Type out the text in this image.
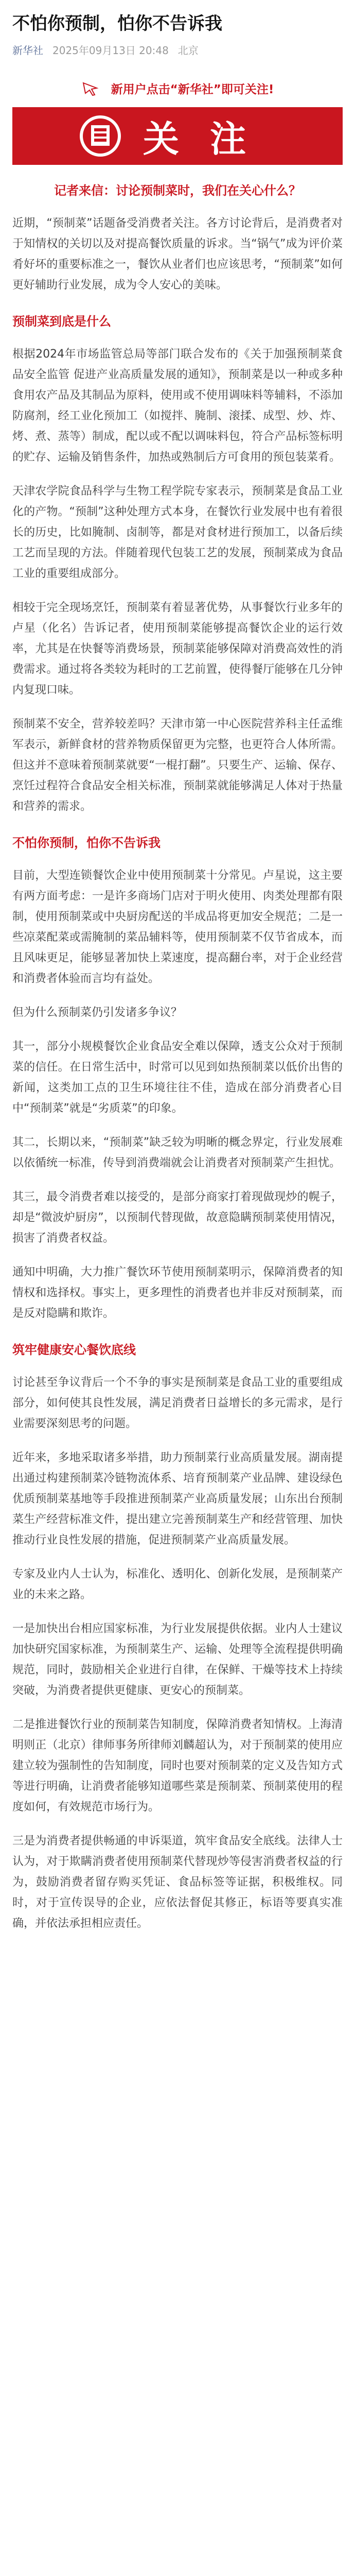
不怕你预制，怕你不告诉我
新华社 2025年09月13日 20:48 北京
新用户点击“新华社”即可关注!
关注
记者来信：讨论预制菜时，我们在关心什么？

近期，“预制菜”话题备受消费者关注。各方讨论背后，是消费者对于知情权的关切以及对提高餐饮质量的诉求。当“锅气”成为评价菜肴好坏的重要标准之一，餐饮从业者们也应该思考，“预制菜”如何更好辅助行业发展，成为令人安心的美味。

预制菜到底是什么

根据2024年市场监管总局等部门联合发布的《关于加强预制菜食品安全监管 促进产业高质量发展的通知》，预制菜是以一种或多种食用农产品及其制品为原料，使用或不使用调味料等辅料，不添加防腐剂，经工业化预加工（如搅拌、腌制、滚揉、成型、炒、炸、烤、煮、蒸等）制成，配以或不配以调味料包，符合产品标签标明的贮存、运输及销售条件，加热或熟制后方可食用的预包装菜肴。

天津农学院食品科学与生物工程学院专家表示，预制菜是食品工业化的产物。“预制”这种处理方式本身，在餐饮行业发展中也有着很长的历史，比如腌制、卤制等，都是对食材进行预加工，以备后续工艺而呈现的方法。伴随着现代包装工艺的发展，预制菜成为食品工业的重要组成部分。

相较于完全现场烹饪，预制菜有着显著优势，从事餐饮行业多年的卢星（化名）告诉记者，使用预制菜能够提高餐饮企业的运行效率，尤其是在快餐等消费场景，预制菜能够保障对消费高效性的消费需求。通过将各类较为耗时的工艺前置，使得餐厅能够在几分钟内复现口味。

预制菜不安全，营养较差吗？天津市第一中心医院营养科主任孟维军表示，新鲜食材的营养物质保留更为完整，也更符合人体所需。但这并不意味着预制菜就要“一棍打翻”。只要生产、运输、保存、烹饪过程符合食品安全相关标准，预制菜就能够满足人体对于热量和营养的需求。

不怕你预制，怕你不告诉我

目前，大型连锁餐饮企业中使用预制菜十分常见。卢星说，这主要有两方面考虑：一是许多商场门店对于明火使用、肉类处理都有限制，使用预制菜或中央厨房配送的半成品将更加安全规范；二是一些凉菜配菜或需腌制的菜品辅料等，使用预制菜不仅节省成本，而且风味更足，能够显著加快上菜速度，提高翻台率，对于企业经营和消费者体验而言均有益处。

但为什么预制菜仍引发诸多争议？

其一，部分小规模餐饮企业食品安全难以保障，透支公众对于预制菜的信任。在日常生活中，时常可以见到如热预制菜以低价出售的新闻，这类加工点的卫生环境往往不佳，造成在部分消费者心目中“预制菜”就是“劣质菜”的印象。

其二，长期以来，“预制菜”缺乏较为明晰的概念界定，行业发展难以依循统一标准，传导到消费端就会让消费者对预制菜产生担忧。

其三，最令消费者难以接受的，是部分商家打着现做现炒的幌子，却是“微波炉厨房”，以预制代替现做，故意隐瞒预制菜使用情况，损害了消费者权益。

通知中明确，大力推广餐饮环节使用预制菜明示，保障消费者的知情权和选择权。事实上，更多理性的消费者也并非反对预制菜，而是反对隐瞒和欺诈。

筑牢健康安心餐饮底线

讨论甚至争议背后一个不争的事实是预制菜是食品工业的重要组成部分，如何使其良性发展，满足消费者日益增长的多元需求，是行业需要深刻思考的问题。

近年来，多地采取诸多举措，助力预制菜行业高质量发展。湖南提出通过构建预制菜冷链物流体系、培育预制菜产业品牌、建设绿色优质预制菜基地等手段推进预制菜产业高质量发展；山东出台预制菜生产经营标准文件，提出建立完善预制菜生产和经营管理、加快推动行业良性发展的措施，促进预制菜产业高质量发展。

专家及业内人士认为，标准化、透明化、创新化发展，是预制菜产业的未来之路。

一是加快出台相应国家标准，为行业发展提供依据。业内人士建议加快研究国家标准，为预制菜生产、运输、处理等全流程提供明确规范，同时，鼓励相关企业进行自律，在保鲜、干燥等技术上持续突破，为消费者提供更健康、更安心的预制菜。

二是推进餐饮行业的预制菜告知制度，保障消费者知情权。上海清明则正（北京）律师事务所律师刘麟超认为，对于预制菜的使用应建立较为强制性的告知制度，同时也要对预制菜的定义及告知方式等进行明确，让消费者能够知道哪些菜是预制菜、预制菜使用的程度如何，有效规范市场行为。

三是为消费者提供畅通的申诉渠道，筑牢食品安全底线。法律人士认为，对于欺瞒消费者使用预制菜代替现炒等侵害消费者权益的行为，鼓励消费者留存购买凭证、食品标签等证据，积极维权。同时，对于宣传误导的企业，应依法督促其修正，标语等要真实准确，并依法承担相应责任。
